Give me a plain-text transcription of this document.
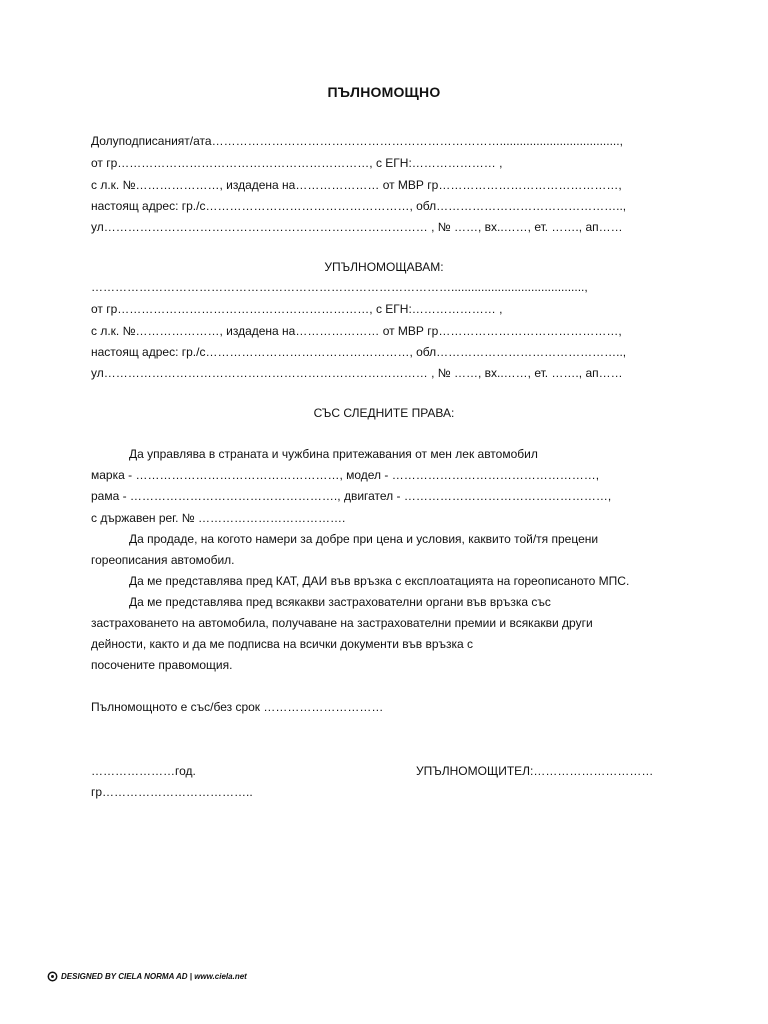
ПЪЛНОМОЩНО
Долуподписаният/ата………………………………………………………………....................................,
от гр………………………………………………………, с ЕГН:………………… ,
с л.к. №…………………, издадена на………………… от МВР гр………………………………………,
настоящ адрес: гр./с……………………………………………, обл………………………………………..,
ул……………………………………………………………………… , № ……, вх..……, ет. ……., ап……
УПЪЛНОМОЩАВАМ:
………………………………………………………………………………........................................,
от гр………………………………………………………, с ЕГН:………………… ,
с л.к. №…………………, издадена на………………… от МВР гр………………………………………,
настоящ адрес: гр./с……………………………………………, обл………………………………………..,
ул……………………………………………………………………… , № ……, вх..……, ет. ……., ап……
СЪС СЛЕДНИТЕ ПРАВА:
Да управлява в страната и чужбина притежавания от мен лек автомобил
марка - ……………………………………………, модел - ……………………………………………,
рама - ……………………………………………., двигател - ……………………………………………,
с държавен рег. № ……………………………….
Да продаде, на когото намери за добре при цена и условия, каквито той/тя прецени
гореописания автомобил.
Да ме представлява пред КАТ, ДАИ във връзка с експлоатацията на гореописаното МПС.
Да ме представлява пред всякакви застрахователни органи във връзка със
застраховането на автомобила, получаване на застрахователни премии и всякакви други
дейности, както и да ме подписва на всички документи във връзка с
посочените правомощия.
Пълномощното е със/без срок …………………………
…………………год.	УПЪЛНОМОЩИТЕЛ:…………………………
гр………………………………..
DESIGNED BY CIELA NORMA AD | www.ciela.net
